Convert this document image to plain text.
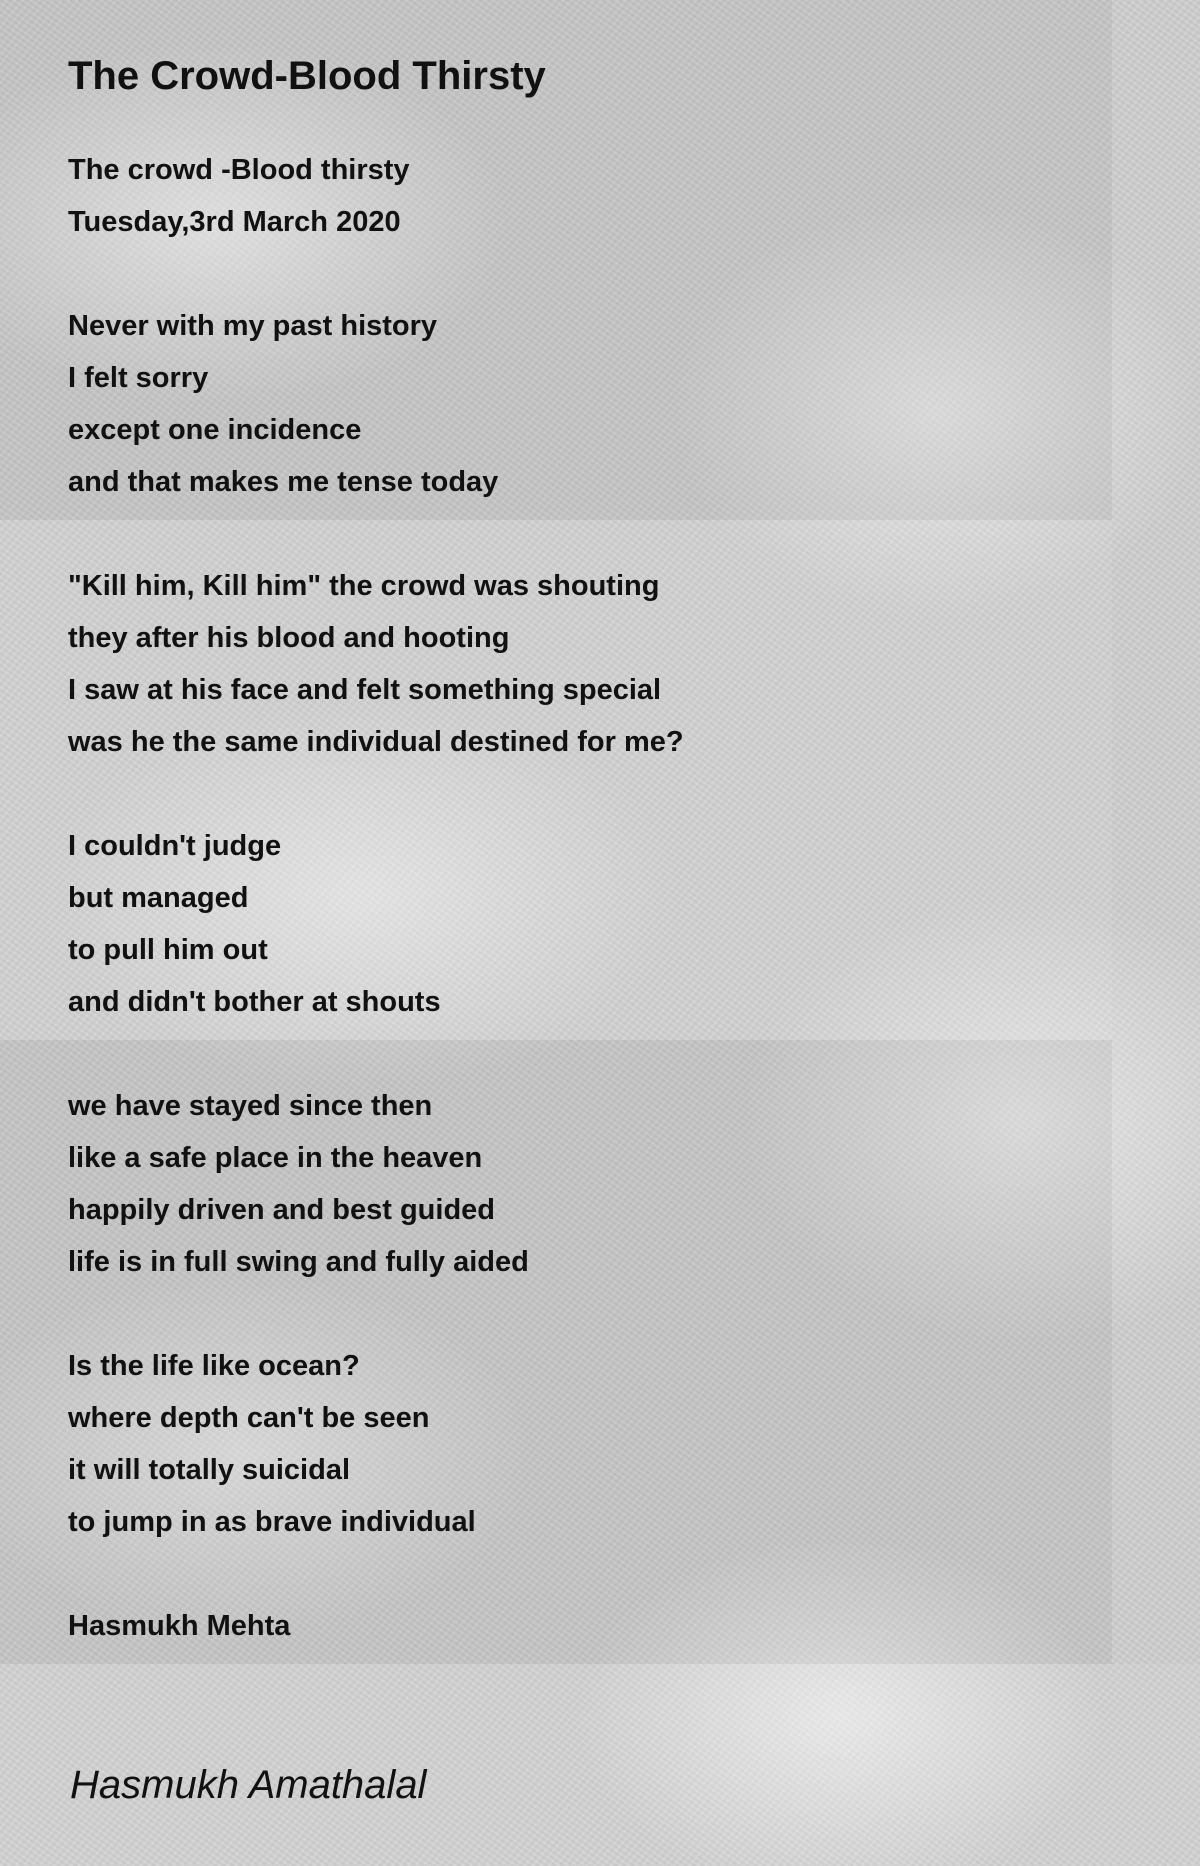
The Crowd-Blood Thirsty
The crowd -Blood thirsty
Tuesday,3rd March 2020
Never with my past history
I felt sorry
except one incidence
and that makes me tense today
"Kill him, Kill him" the crowd was shouting
they after his blood and hooting
I saw at his face and felt something special
was he the same individual destined for me?
I couldn't judge
but managed
to pull him out
and didn't bother at shouts
we have stayed since then
like a safe place in the heaven
happily driven and best guided
life is in full swing and fully aided
Is the life like ocean?
where depth can't be seen
it will totally suicidal
to jump in as brave individual
Hasmukh Mehta
Hasmukh Amathalal
